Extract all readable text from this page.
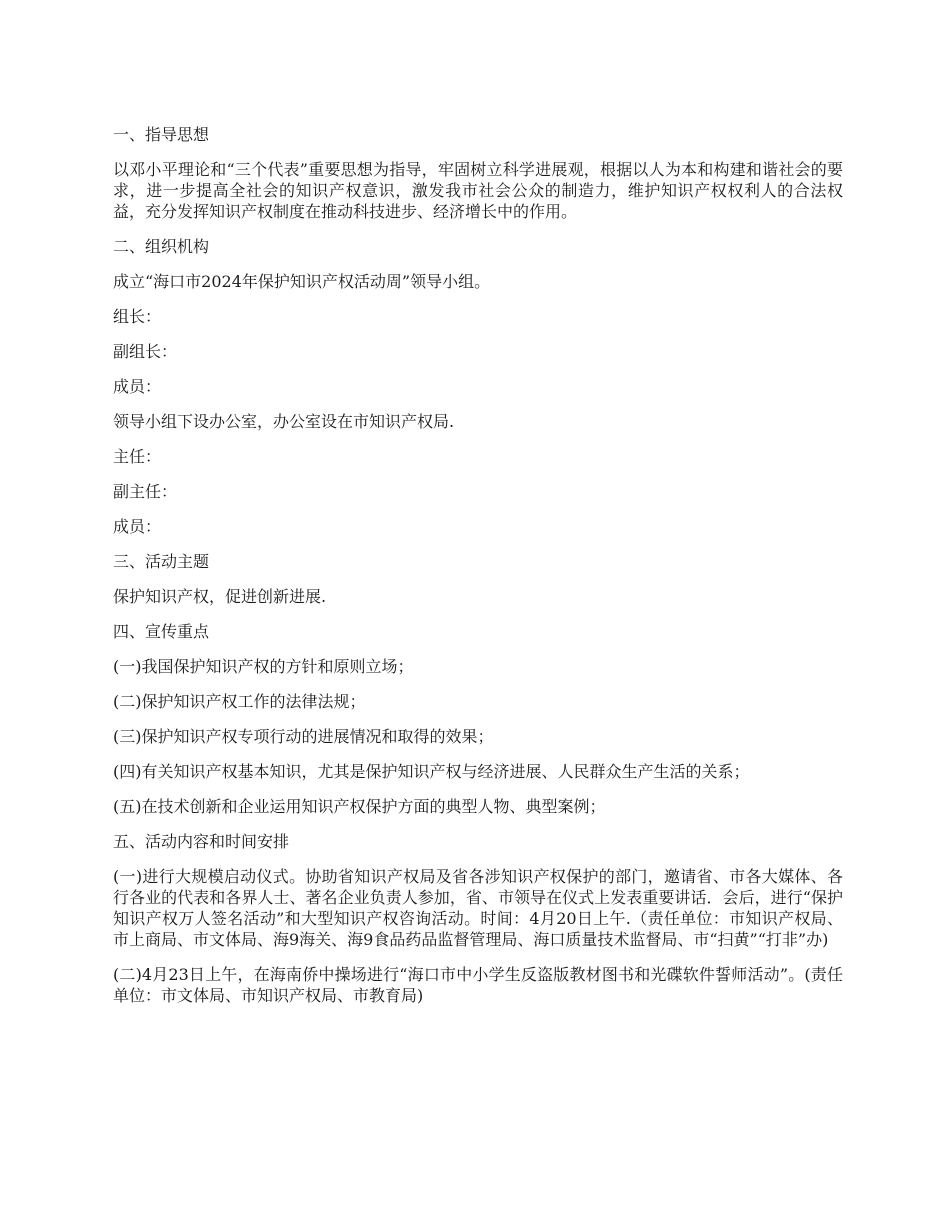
一、指导思想

以邓小平理论和“三个代表”重要思想为指导，牢固树立科学进展观，根据以人为本和构建和谐社会的要求，进一步提高全社会的知识产权意识，激发我市社会公众的制造力，维护知识产权权利人的合法权益，充分发挥知识产权制度在推动科技进步、经济增长中的作用。

二、组织机构

成立“海口市2024年保护知识产权活动周”领导小组。

组长：

副组长：

成员：

领导小组下设办公室，办公室设在市知识产权局.

主任：

副主任：

成员：

三、活动主题

保护知识产权，促进创新进展.

四、宣传重点

(一)我国保护知识产权的方针和原则立场；

(二)保护知识产权工作的法律法规；

(三)保护知识产权专项行动的进展情况和取得的效果；

(四)有关知识产权基本知识，尤其是保护知识产权与经济进展、人民群众生产生活的关系；

(五)在技术创新和企业运用知识产权保护方面的典型人物、典型案例；

五、活动内容和时间安排

(一)进行大规模启动仪式。协助省知识产权局及省各涉知识产权保护的部门，邀请省、市各大媒体、各行各业的代表和各界人士、著名企业负责人参加，省、市领导在仪式上发表重要讲话．会后，进行“保护知识产权万人签名活动”和大型知识产权咨询活动。时间：4月20日上午.（责任单位：市知识产权局、市上商局、市文体局、海9海关、海9食品药品监督管理局、海口质量技术监督局、市“扫黄”“打非”办)

(二)4月23日上午，在海南侨中操场进行“海口市中小学生反盗版教材图书和光碟软件誓师活动”。(责任单位：市文体局、市知识产权局、市教育局)
